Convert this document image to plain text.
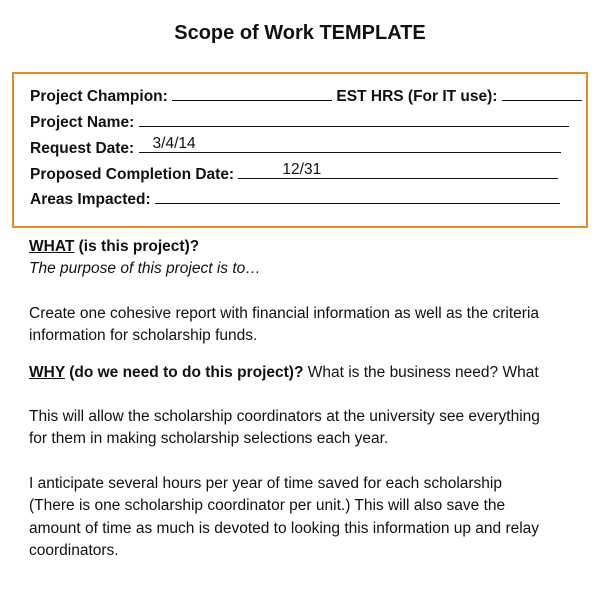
Scope of Work TEMPLATE
Project Champion:	EST HRS (For IT use):
Project Name:
Request Date: 3/4/14
Proposed Completion Date:	12/31
Areas Impacted:
WHAT (is this project)?
The purpose of this project is to…
Create one cohesive report with financial information as well as the criteria
information for scholarship funds.
WHY (do we need to do this project)? What is the business need? What
This will allow the scholarship coordinators at the university see everything
for them in making scholarship selections each year.
I anticipate several hours per year of time saved for each scholarship
(There is one scholarship coordinator per unit.) This will also save the
amount of time as much is devoted to looking this information up and relay
coordinators.
